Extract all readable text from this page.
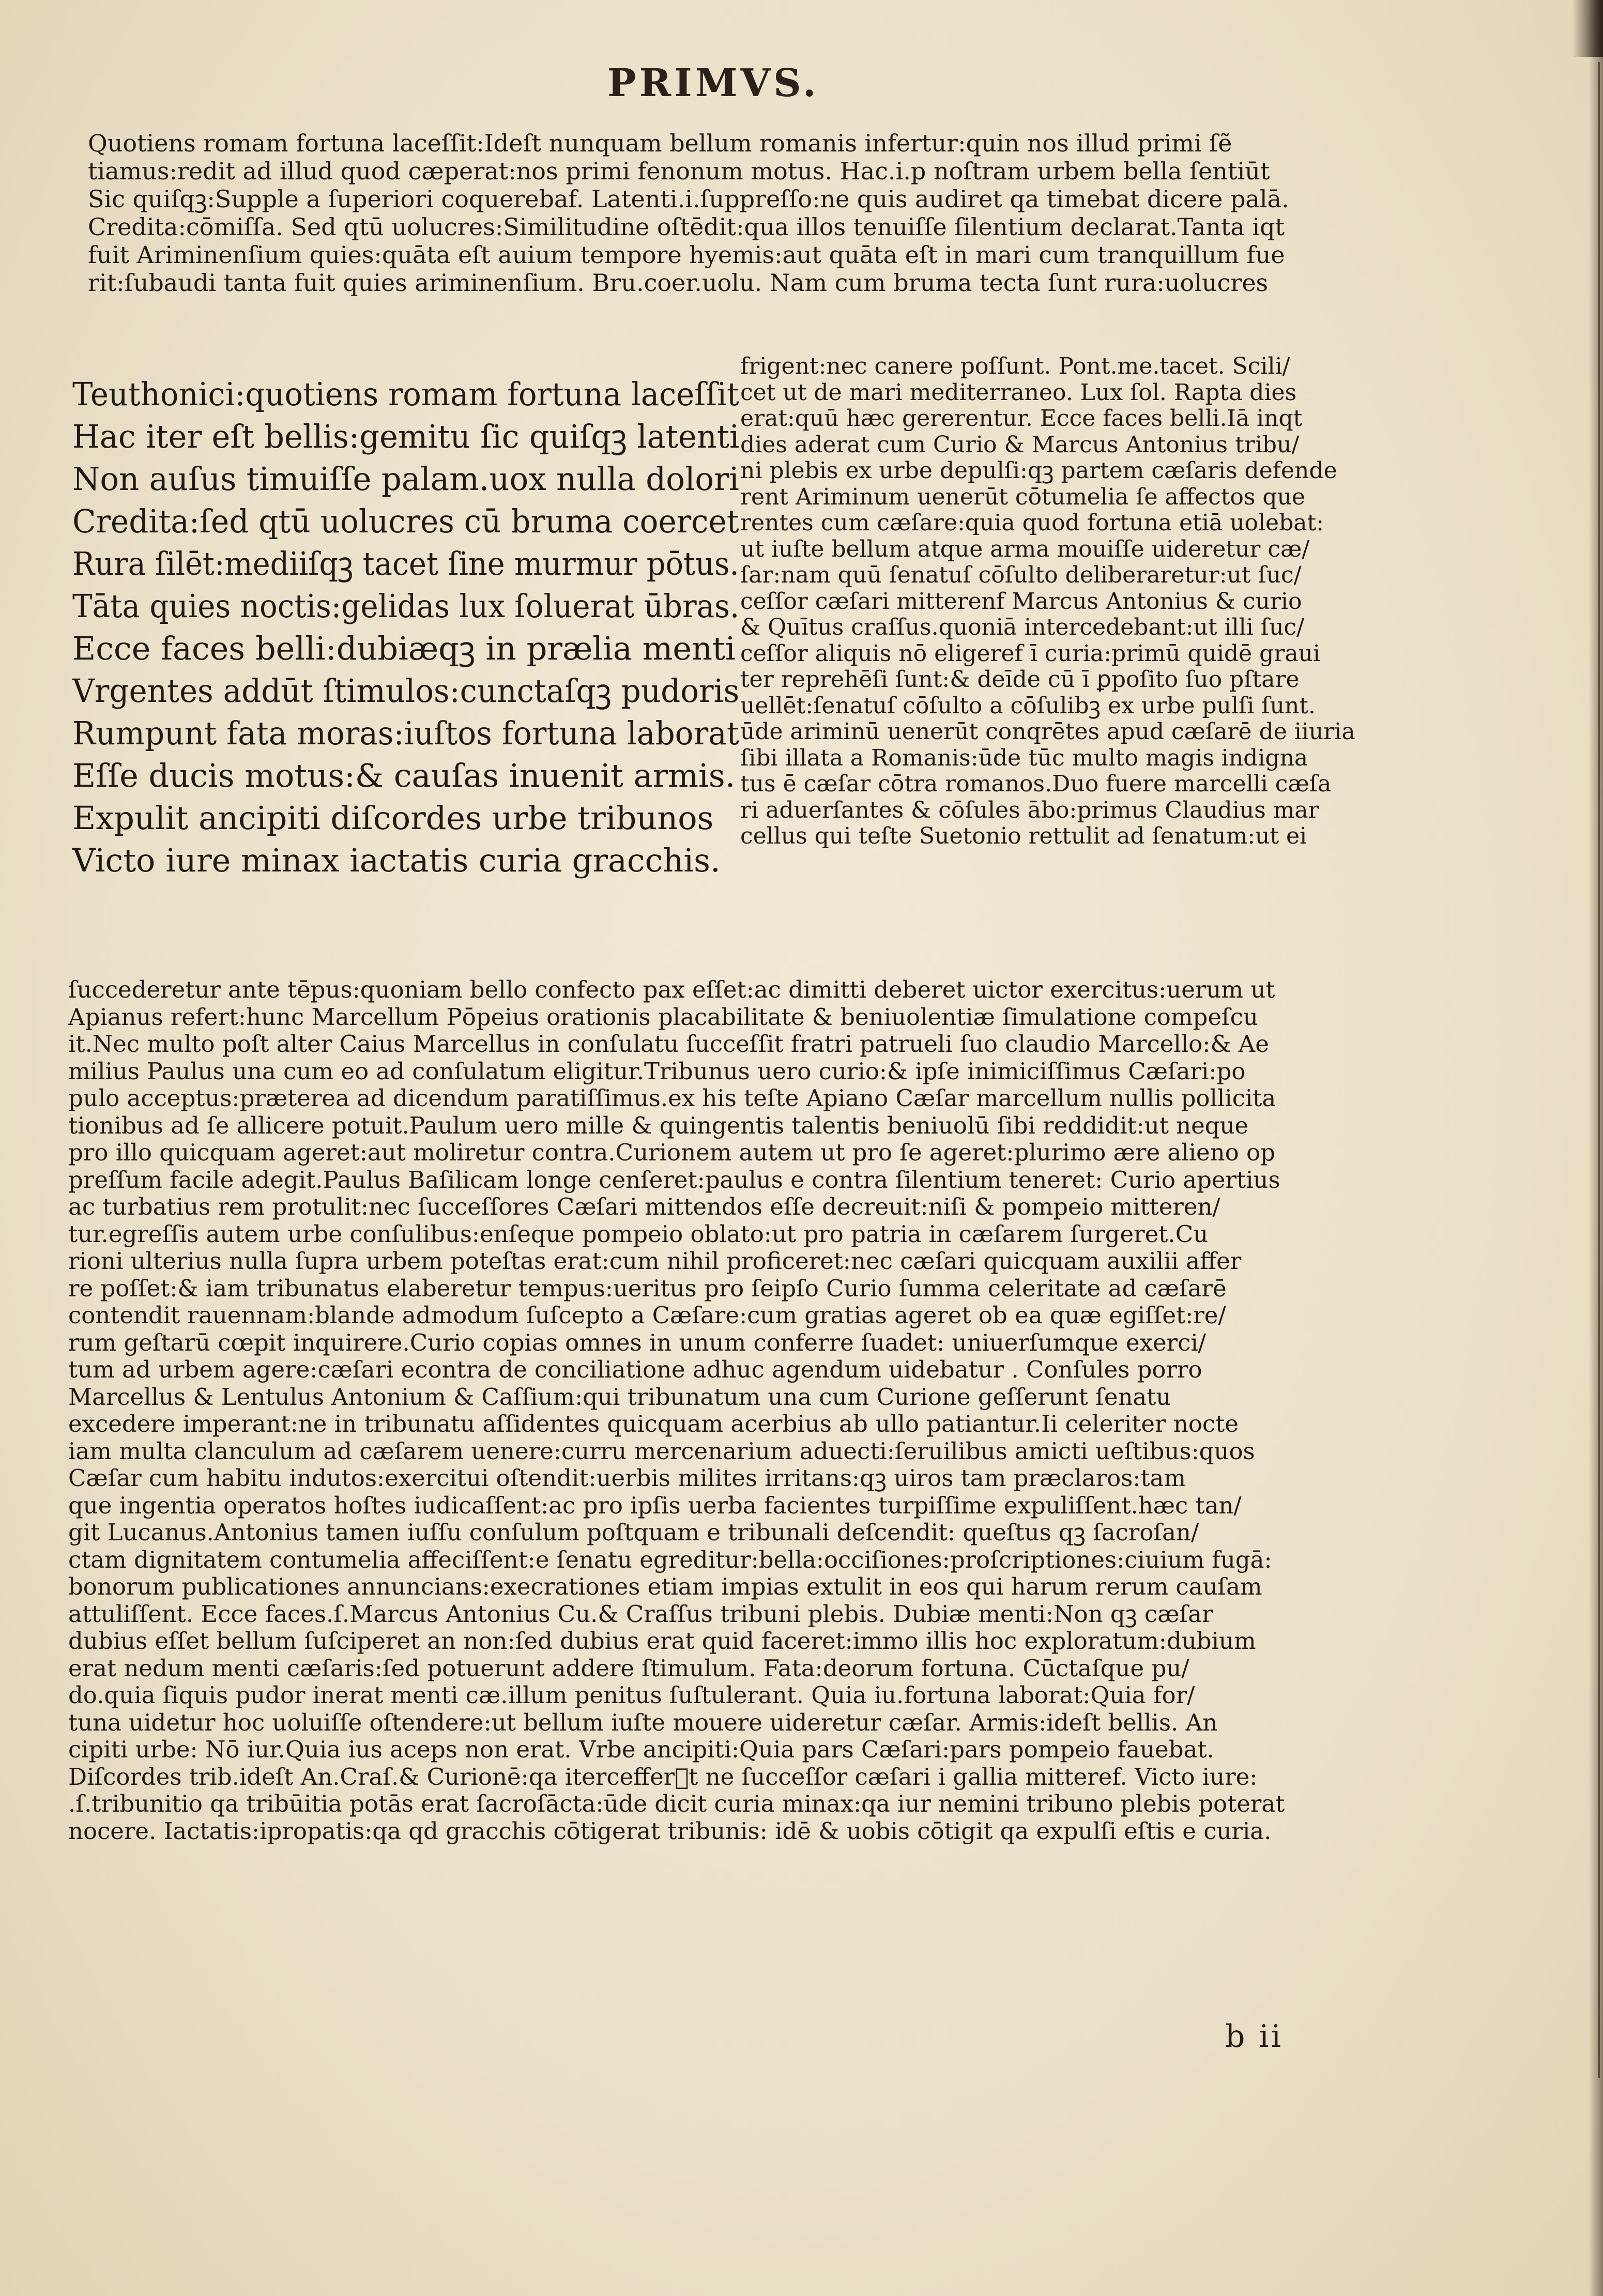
PRIMVS.
Quotiens romam fortuna laceſſit:Ideſt nunquam bellum romanis infertur:quin nos illud primi ſẽ
tiamus:redit ad illud quod cæperat:nos primi fenonum motus. Hac.i.p noſtram urbem bella ſentiūt
Sic quiſqꝫ:Supple a ſuperiori coquerebaf. Latenti.i.ſuppreſſo:ne quis audiret qa timebat dicere palā.
Credita:cōmiſſa. Sed qtū uolucres:Similitudine oſtēdit:qua illos tenuiſſe ſilentium declarat.Tanta iqt
fuit Ariminenſium quies:quāta eſt auium tempore hyemis:aut quāta eſt in mari cum tranquillum fue
rit:ſubaudi tanta fuit quies ariminenſium. Bru.coer.uolu. Nam cum bruma tecta ſunt rura:uolucres
Teuthonici:quotiens romam fortuna laceſſit
Hac iter eſt bellis:gemitu ſic quiſqꝫ latenti
Non auſus timuiſſe palam.uox nulla dolori
Credita:ſed qtū uolucres cū bruma coercet
Rura ſilēt:mediiſqꝫ tacet ſine murmur pōtus.
Tāta quies noctis:gelidas lux ſoluerat ūbras.
Ecce faces belli:dubiæqꝫ in prælia menti
Vrgentes addūt ſtimulos:cunctaſqꝫ pudoris
Rumpunt fata moras:iuſtos fortuna laborat
Eſſe ducis motus:& cauſas inuenit armis.
Expulit ancipiti diſcordes urbe tribunos
Victo iure minax iactatis curia gracchis.
frigent:nec canere poſſunt. Pont.me.tacet. Scili/
cet ut de mari mediterraneo. Lux ſol. Rapta dies
erat:quū hæc gererentur. Ecce faces belli.Iā inqt
dies aderat cum Curio & Marcus Antonius tribu/
ni plebis ex urbe depulſi:qꝫ partem cæſaris defende
rent Ariminum uenerūt cōtumelia ſe affectos que
rentes cum cæſare:quia quod fortuna etiā uolebat:
ut iuſte bellum atque arma mouiſſe uideretur cæ/
ſar:nam quū ſenatuſ cōſulto deliberaretur:ut ſuc/
ceſſor cæſari mitterenf Marcus Antonius & curio
& Quītus craſſus.quoniā intercedebant:ut illi ſuc/
ceſſor aliquis nō eligeref ī curia:primū quidē graui
ter reprehēſi ſunt:& deīde cū ī ꝑpoſito ſuo pſtare
uellēt:ſenatuſ cōſulto a cōſulibꝫ ex urbe pulſi ſunt.
ūde ariminū uenerūt conqrētes apud cæſarē de iiuria
ſibi illata a Romanis:ūde tūc multo magis indigna
tus ē cæſar cōtra romanos.Duo fuere marcelli cæſa
ri aduerſantes & cōſules ābo:primus Claudius mar
cellus qui teſte Suetonio rettulit ad ſenatum:ut ei
ſuccederetur ante tēpus:quoniam bello confecto pax eſſet:ac dimitti deberet uictor exercitus:uerum ut
Apianus refert:hunc Marcellum Pōpeius orationis placabilitate & beniuolentiæ ſimulatione compeſcu
it.Nec multo poſt alter Caius Marcellus in conſulatu ſucceſſit fratri patrueli ſuo claudio Marcello:& Ae
milius Paulus una cum eo ad conſulatum eligitur.Tribunus uero curio:& ipſe inimiciſſimus Cæſari:po
pulo acceptus:præterea ad dicendum paratiſſimus.ex his teſte Apiano Cæſar marcellum nullis pollicita
tionibus ad ſe allicere potuit.Paulum uero mille & quingentis talentis beniuolū ſibi reddidit:ut neque
pro illo quicquam ageret:aut moliretur contra.Curionem autem ut pro ſe ageret:plurimo ære alieno op
preſſum facile adegit.Paulus Baſilicam longe cenſeret:paulus e contra ſilentium teneret: Curio apertius
ac turbatius rem protulit:nec ſucceſſores Cæſari mittendos eſſe decreuit:niſi & pompeio mitteren/
tur.egreſſis autem urbe conſulibus:enſeque pompeio oblato:ut pro patria in cæſarem ſurgeret.Cu
rioni ulterius nulla ſupra urbem poteſtas erat:cum nihil proficeret:nec cæſari quicquam auxilii affer
re poſſet:& iam tribunatus elaberetur tempus:ueritus pro ſeipſo Curio ſumma celeritate ad cæſarē
contendit rauennam:blande admodum ſuſcepto a Cæſare:cum gratias ageret ob ea quæ egiſſet:re/
rum geſtarū cœpit inquirere.Curio copias omnes in unum conferre ſuadet: uniuerſumque exerci/
tum ad urbem agere:cæſari econtra de conciliatione adhuc agendum uidebatur . Conſules porro
Marcellus & Lentulus Antonium & Caſſium:qui tribunatum una cum Curione geſſerunt ſenatu
excedere imperant:ne in tribunatu aſſidentes quicquam acerbius ab ullo patiantur.Ii celeriter nocte
iam multa clanculum ad cæſarem uenere:curru mercenarium aduecti:ſeruilibus amicti ueſtibus:quos
Cæſar cum habitu indutos:exercitui oſtendit:uerbis milites irritans:qꝫ uiros tam præclaros:tam
que ingentia operatos hoſtes iudicaſſent:ac pro ipſis uerba facientes turpiſſime expuliſſent.hæc tan/
git Lucanus.Antonius tamen iuſſu conſulum poſtquam e tribunali deſcendit: queſtus qꝫ ſacroſan/
ctam dignitatem contumelia affeciſſent:e ſenatu egreditur:bella:occiſiones:proſcriptiones:ciuium fugā:
bonorum publicationes annuncians:execrationes etiam impias extulit in eos qui harum rerum cauſam
attuliſſent. Ecce faces.ſ.Marcus Antonius Cu.& Craſſus tribuni plebis. Dubiæ menti:Non qꝫ cæſar
dubius eſſet bellum ſuſciperet an non:ſed dubius erat quid faceret:immo illis hoc exploratum:dubium
erat nedum menti cæſaris:ſed potuerunt addere ſtimulum. Fata:deorum fortuna. Cūctaſque pu/
do.quia ſiquis pudor inerat menti cæ.illum penitus ſuſtulerant. Quia iu.fortuna laborat:Quia for/
tuna uidetur hoc uoluiſſe oſtendere:ut bellum iuſte mouere uideretur cæſar. Armis:ideſt bellis. An
cipiti urbe: Nō iur.Quia ius aceps non erat. Vrbe ancipiti:Quia pars Cæſari:pars pompeio fauebat.
Diſcordes trib.ideſt An.Craſ.& Curionē:qa itercefferᷤt ne ſucceſſor cæſari i gallia mitteref. Victo iure:
.ſ.tribunitio qa tribūitia potās erat ſacroſācta:ūde dicit curia minax:qa iur nemini tribuno plebis poterat
nocere. Iactatis:ipropatis:qa qd gracchis cōtigerat tribunis: idē & uobis cōtigit qa expulſi eſtis e curia.
b ii
